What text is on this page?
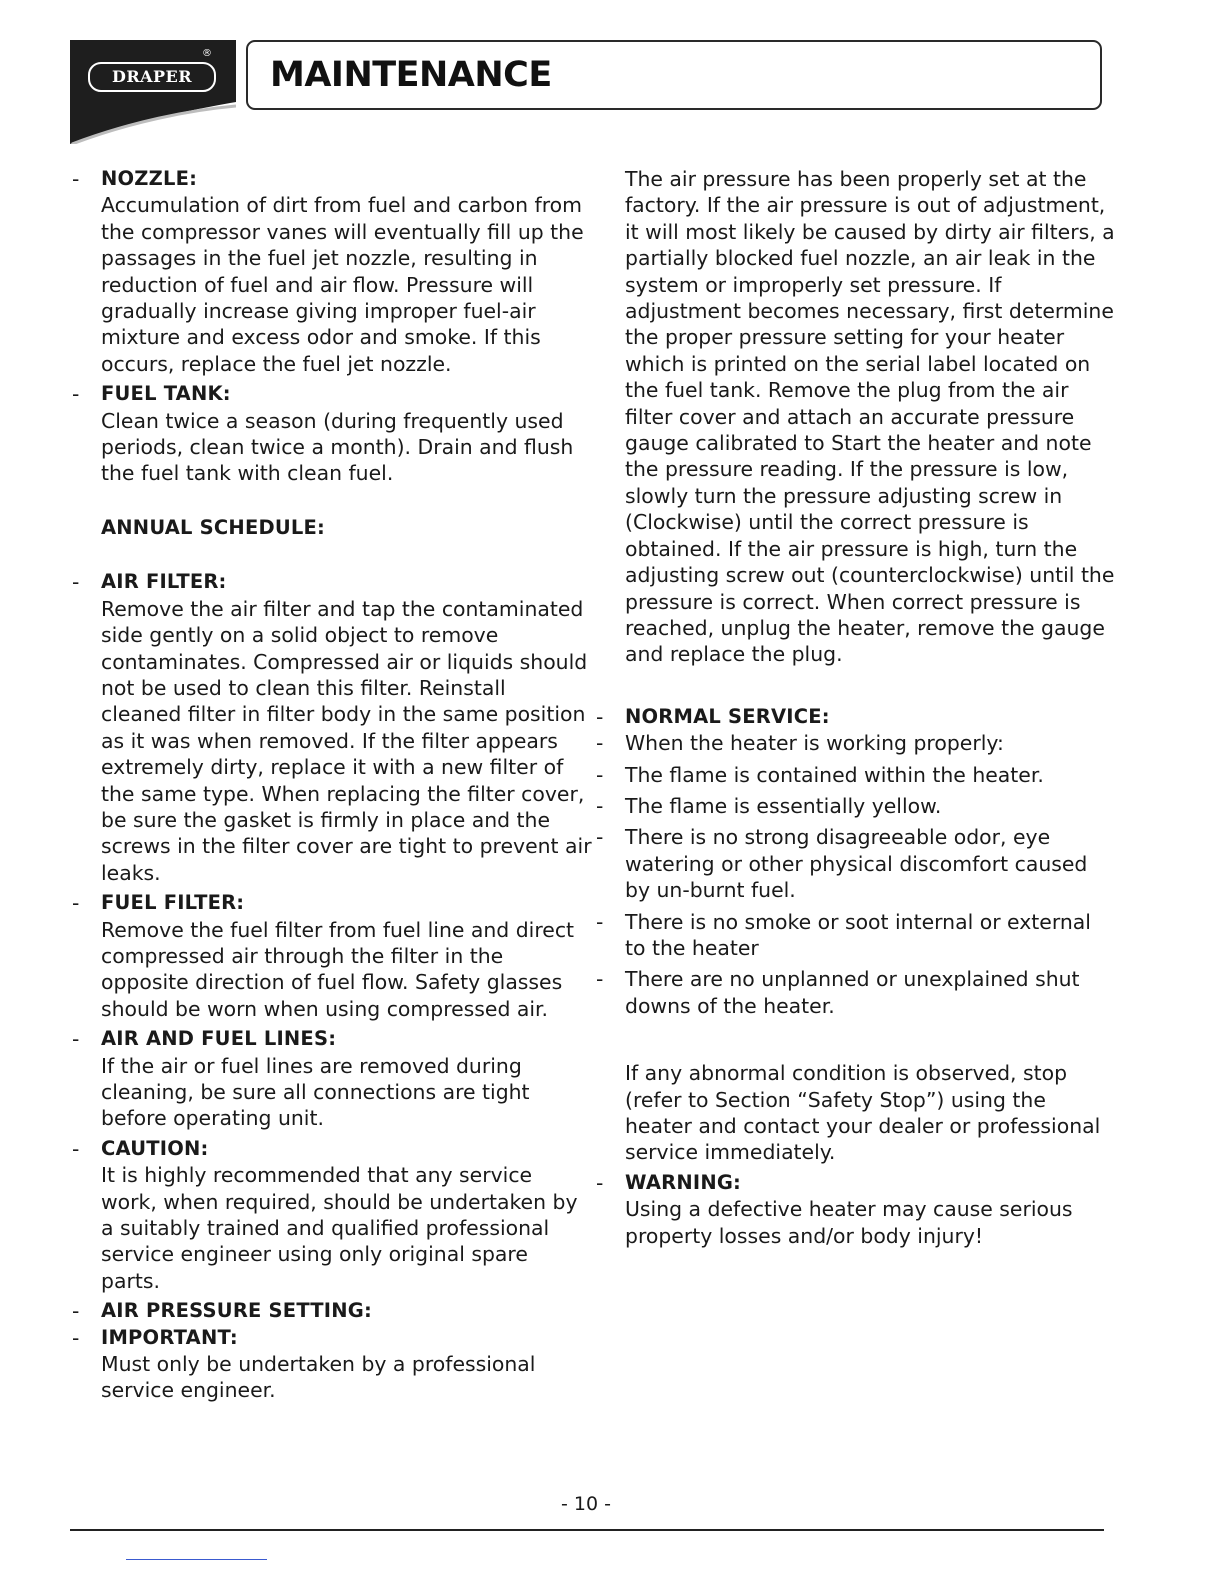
DRAPER
®
MAINTENANCE
- NOZZLE:

Accumulation of dirt from fuel and carbon from the compressor vanes will eventually fill up the passages in the fuel jet nozzle, resulting in reduction of fuel and air flow. Pressure will gradually increase giving improper fuel-air mixture and excess odor and smoke. If this occurs, replace the fuel jet nozzle.

- FUEL TANK:

Clean twice a season (during frequently used periods, clean twice a month). Drain and flush the fuel tank with clean fuel.

ANNUAL SCHEDULE:
- AIR FILTER:

Remove the air filter and tap the contaminated side gently on a solid object to remove contaminates. Compressed air or liquids should not be used to clean this filter. Reinstall cleaned filter in filter body in the same position as it was when removed. If the filter appears extremely dirty, replace it with a new filter of the same type. When replacing the filter cover, be sure the gasket is firmly in place and the screws in the filter cover are tight to prevent air leaks.

- FUEL FILTER:

Remove the fuel filter from fuel line and direct compressed air through the filter in the opposite direction of fuel flow. Safety glasses should be worn when using compressed air.

- AIR AND FUEL LINES:

If the air or fuel lines are removed during cleaning, be sure all connections are tight before operating unit.

- CAUTION:

It is highly recommended that any service work, when required, should be undertaken by a suitably trained and qualified professional service engineer using only original spare parts.

- AIR PRESSURE SETTING:
- IMPORTANT:

Must only be undertaken by a professional service engineer.

The air pressure has been properly set at the factory. If the air pressure is out of adjustment, it will most likely be caused by dirty air filters, a partially blocked fuel nozzle, an air leak in the system or improperly set pressure. If adjustment becomes necessary, first determine the proper pressure setting for your heater which is printed on the serial label located on the fuel tank. Remove the plug from the air filter cover and attach an accurate pressure gauge calibrated to Start the heater and note the pressure reading. If the pressure is low, slowly turn the pressure adjusting screw in (Clockwise) until the correct pressure is obtained. If the air pressure is high, turn the adjusting screw out (counterclockwise) until the pressure is correct. When correct pressure is reached, unplug the heater, remove the gauge and replace the plug.

- NORMAL SERVICE:
- When the heater is working properly:
- The flame is contained within the heater.
- The flame is essentially yellow.
- There is no strong disagreeable odor, eye watering or other physical discomfort caused by un-burnt fuel.
- There is no smoke or soot internal or external to the heater
- There are no unplanned or unexplained shut downs of the heater.

If any abnormal condition is observed, stop (refer to Section “Safety Stop”) using the heater and contact your dealer or professional service immediately.

- WARNING:

Using a defective heater may cause serious property losses and/or body injury!

- 10 -
